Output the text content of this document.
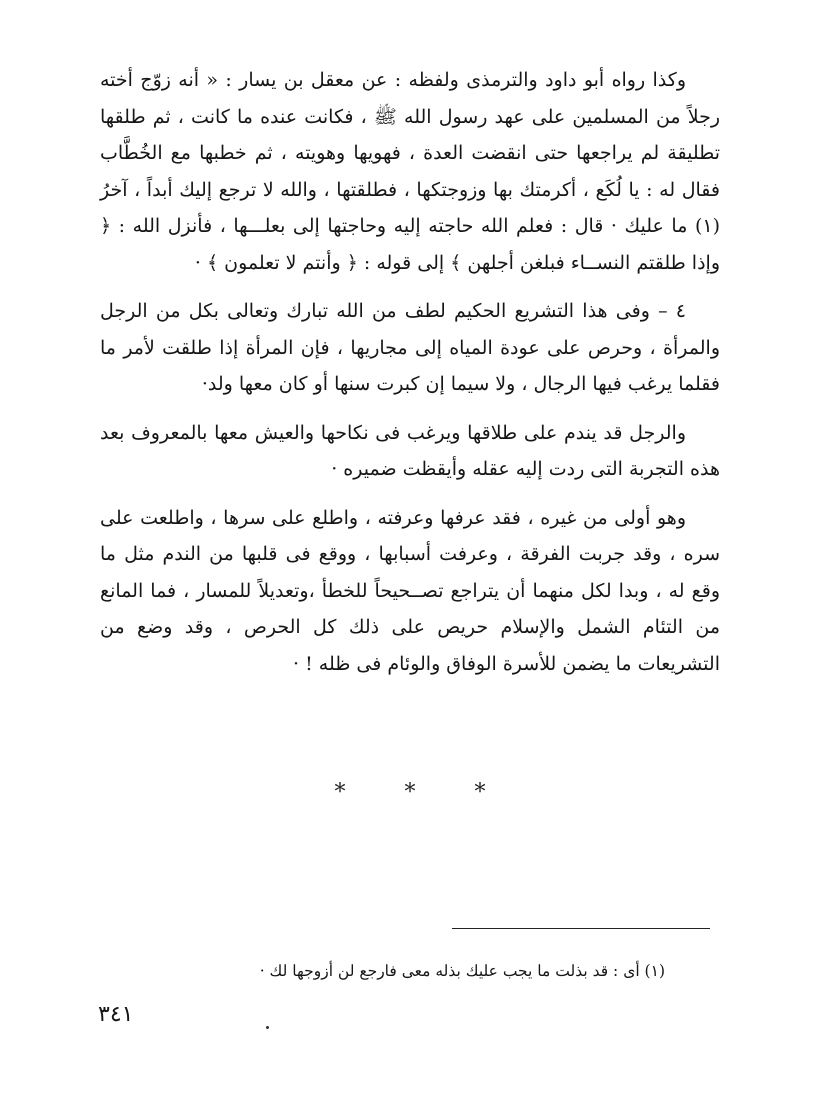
وكذا رواه أبو داود والترمذى ولفظه : عن معقل بن يسار : « أنه زوّج أخته رجلاً من المسلمين على عهد رسول الله ﷺ ، فكانت عنده ما كانت ، ثم طلقها تطليقة لم يراجعها حتى انقضت العدة ، فهويها وهويته ، ثم خطبها مع الخُطَّاب فقال له : يا لُكَع ، أكرمتك بها وزوجتكها ، فطلقتها ، والله لا ترجع إليك أبداً ، آخرُ (١) ما عليك · قال : فعلم الله حاجته إليه وحاجتها إلى بعلـــها ، فأنزل الله : ﴿ وإذا طلقتم النســاء فبلغن أجلهن ﴾ إلى قوله : ﴿ وأنتم لا تعلمون ﴾ ·

٤ – وفى هذا التشريع الحكيم لطف من الله تبارك وتعالى بكل من الرجل والمرأة ، وحرص على عودة المياه إلى مجاريها ، فإن المرأة إذا طلقت لأمر ما فقلما يرغب فيها الرجال ، ولا سيما إن كبرت سنها أو كان معها ولد·

والرجل قد يندم على طلاقها ويرغب فى نكاحها والعيش معها بالمعروف بعد هذه التجربة التى ردت إليه عقله وأيقظت ضميره ·

وهو أولى من غيره ، فقد عرفها وعرفته ، واطلع على سرها ، واطلعت على سره ، وقد جربت الفرقة ، وعرفت أسبابها ، ووقع فى قلبها من الندم مثل ما وقع له ، وبدا لكل منهما أن يتراجع تصــحيحاً للخطأ ،وتعديلاً للمسار ، فما المانع من التئام الشمل والإسلام حريص على ذلك كل الحرص ، وقد وضع من التشريعات ما يضمن للأسرة الوفاق والوئام فى ظله ! ·

*	*	*

(١) أى : قد بذلت ما يجب عليك بذله معى فارجع لن أزوجها لك ·

٣٤١
